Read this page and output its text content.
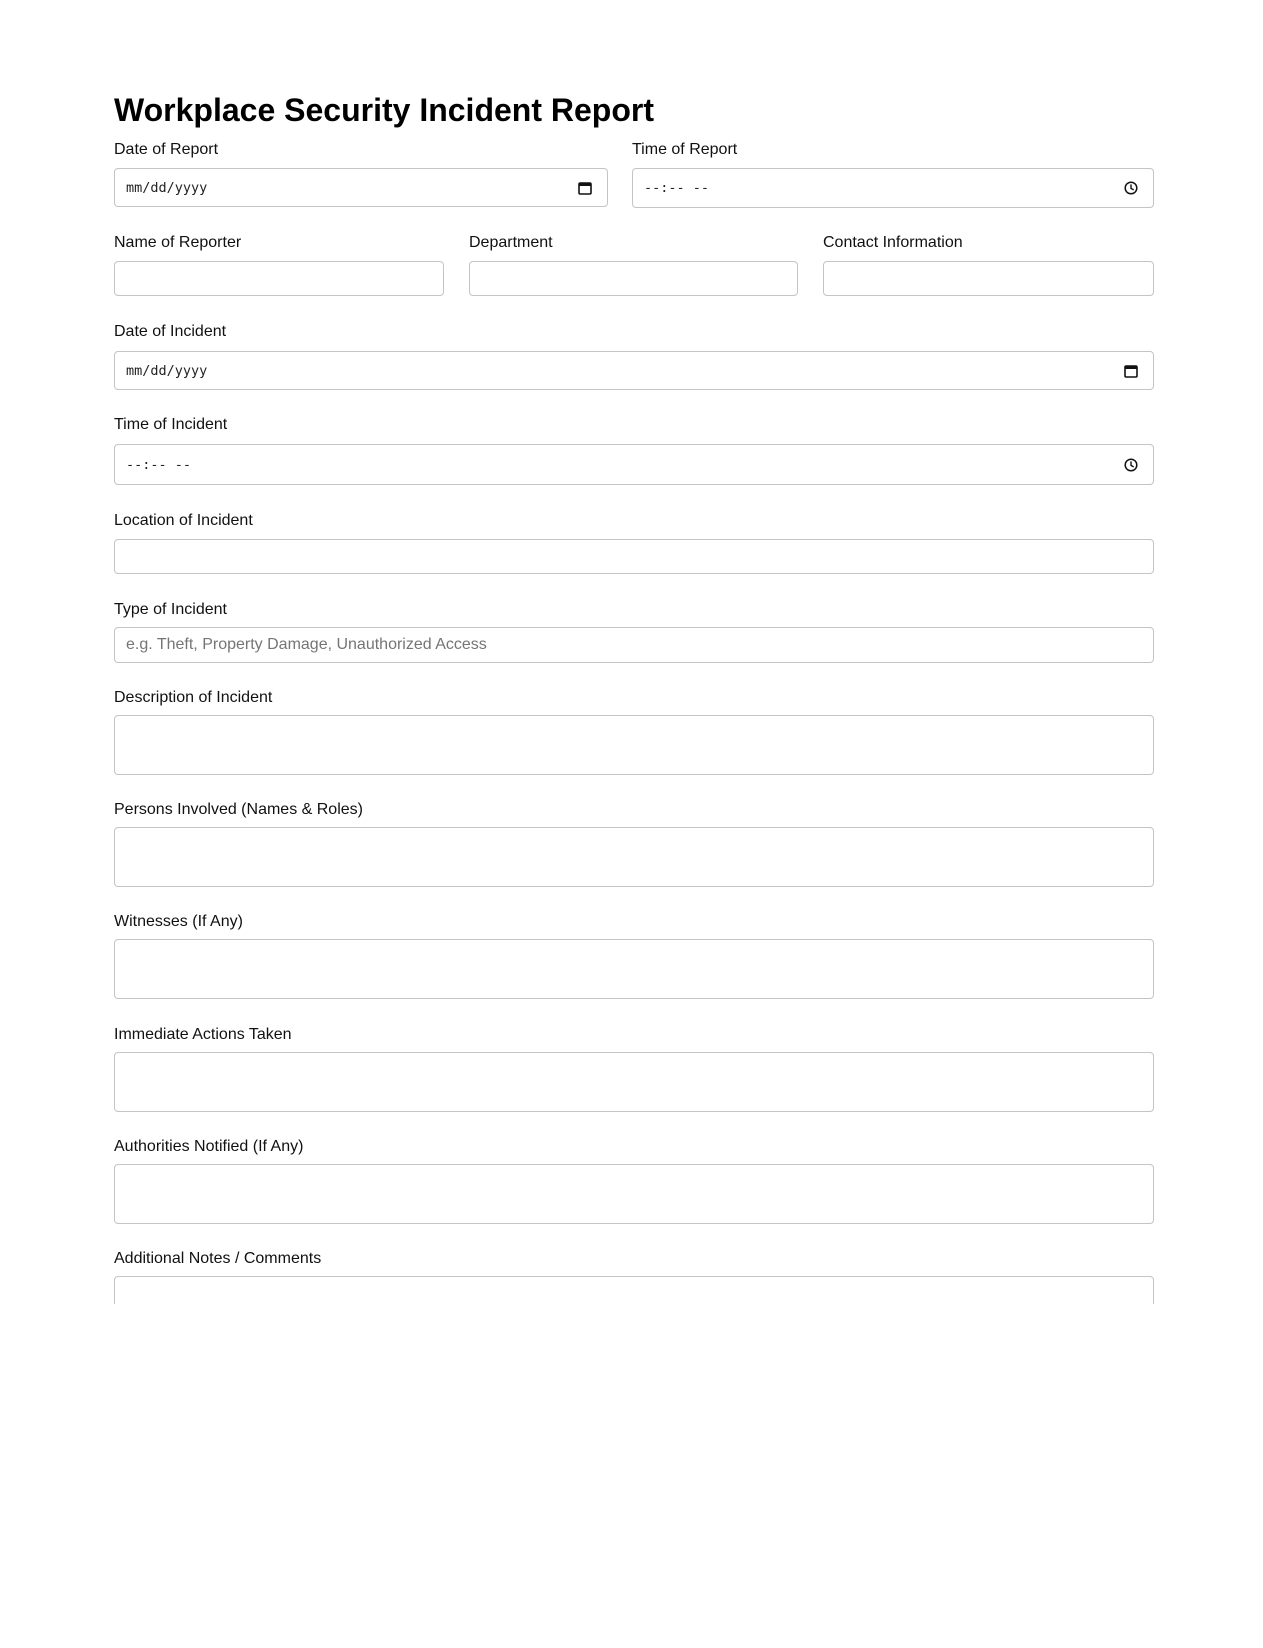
Workplace Security Incident Report
Date of Report
mm/dd/yyyy
Time of Report
--:-- --
Name of Reporter	Department	Contact Information
Date of Incident
mm/dd/yyyy
Time of Incident
--:-- --
Location of Incident
Type of Incident
e.g. Theft, Property Damage, Unauthorized Access
Description of Incident
Persons Involved (Names & Roles)
Witnesses (If Any)
Immediate Actions Taken
Authorities Notified (If Any)
Additional Notes / Comments
